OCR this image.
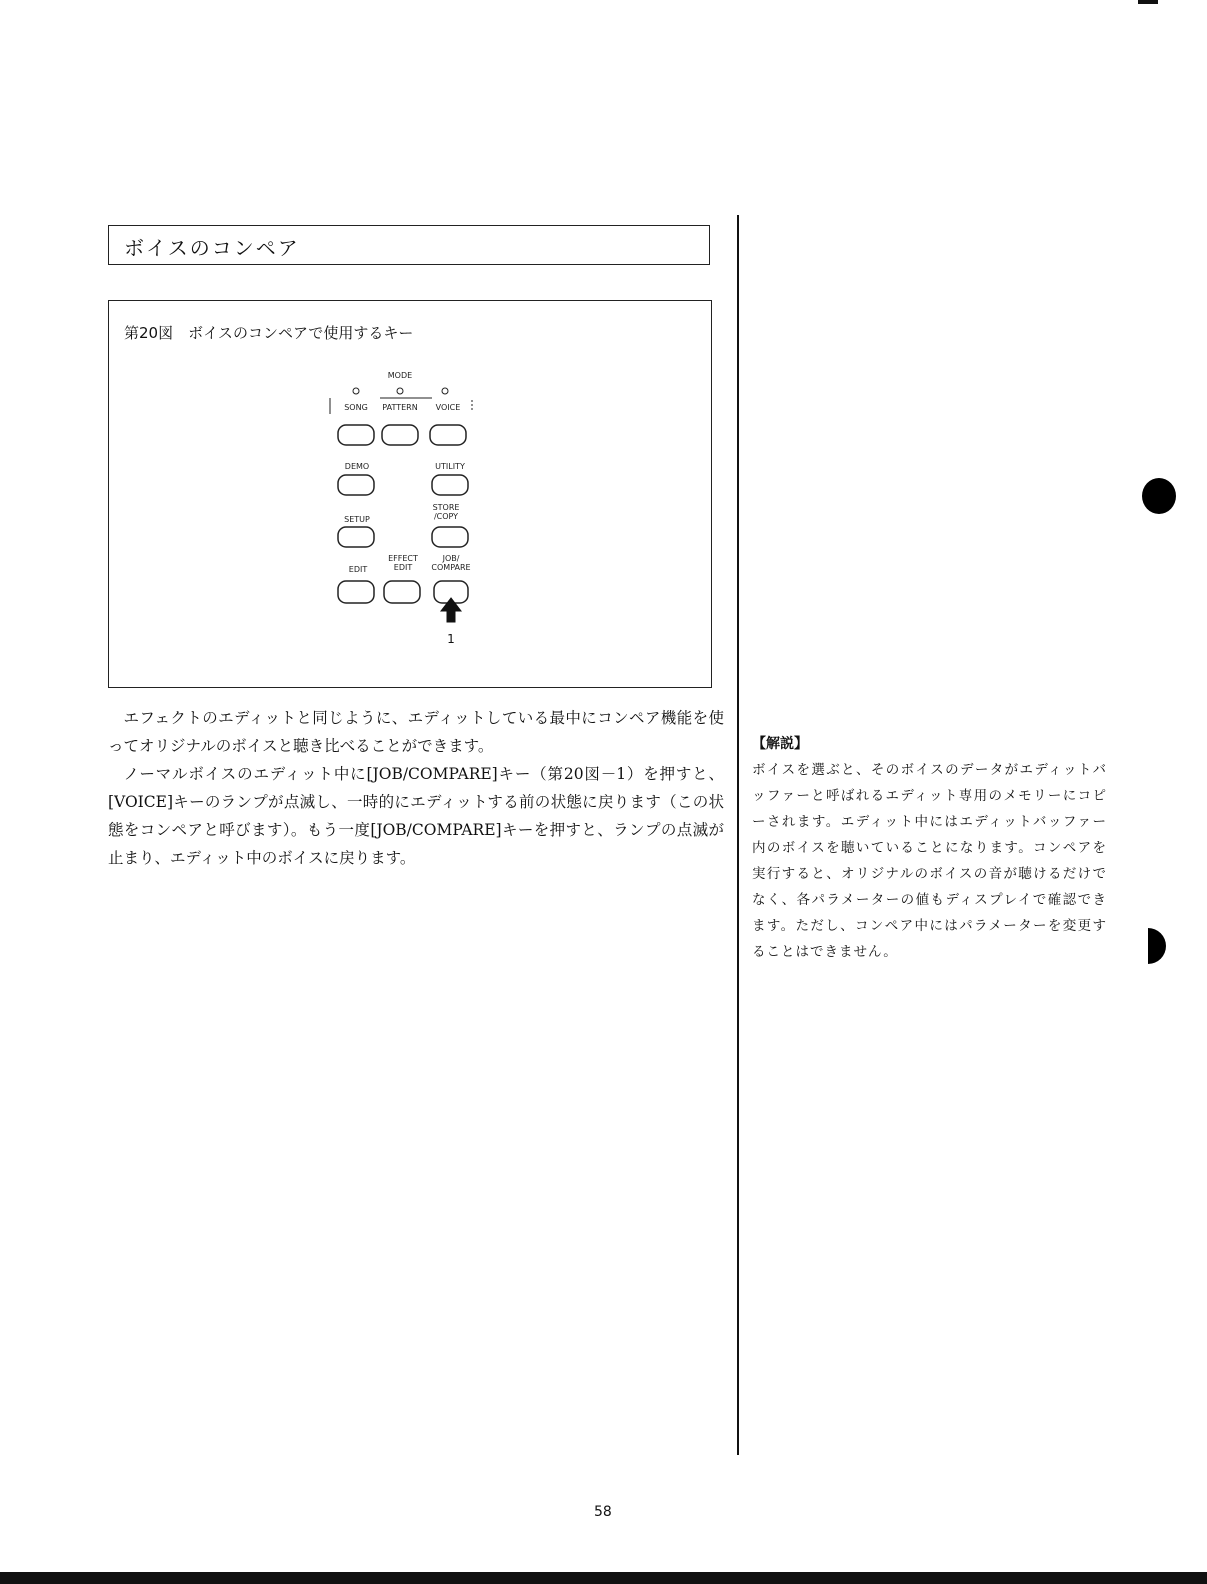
ボイスのコンペア
第20図　ボイスのコンペアで使用するキー
MODE
SONG PATTERN VOICE
DEMO	UTILITY
STORE
/COPY
SETUP
EFFECT
EDIT
JOB/
COMPARE
EDIT
1

エフェクトのエディットと同じように、エディットしている最中にコンペア機能を使ってオリジナルのボイスと聴き比べることができます。

ノーマルボイスのエディット中に[JOB/COMPARE]キー（第20図－1）を押すと、[VOICE]キーのランプが点滅し、一時的にエディットする前の状態に戻ります（この状態をコンペアと呼びます）。もう一度[JOB/COMPARE]キーを押すと、ランプの点滅が止まり、エディット中のボイスに戻ります。

【解説】
ボイスを選ぶと、そのボイスのデータがエディットバッファーと呼ばれるエディット専用のメモリーにコピーされます。エディット中にはエディットバッファー内のボイスを聴いていることになります。コンペアを実行すると、オリジナルのボイスの音が聴けるだけでなく、各パラメーターの値もディスプレイで確認できます。ただし、コンペア中にはパラメーターを変更することはできません。
58
